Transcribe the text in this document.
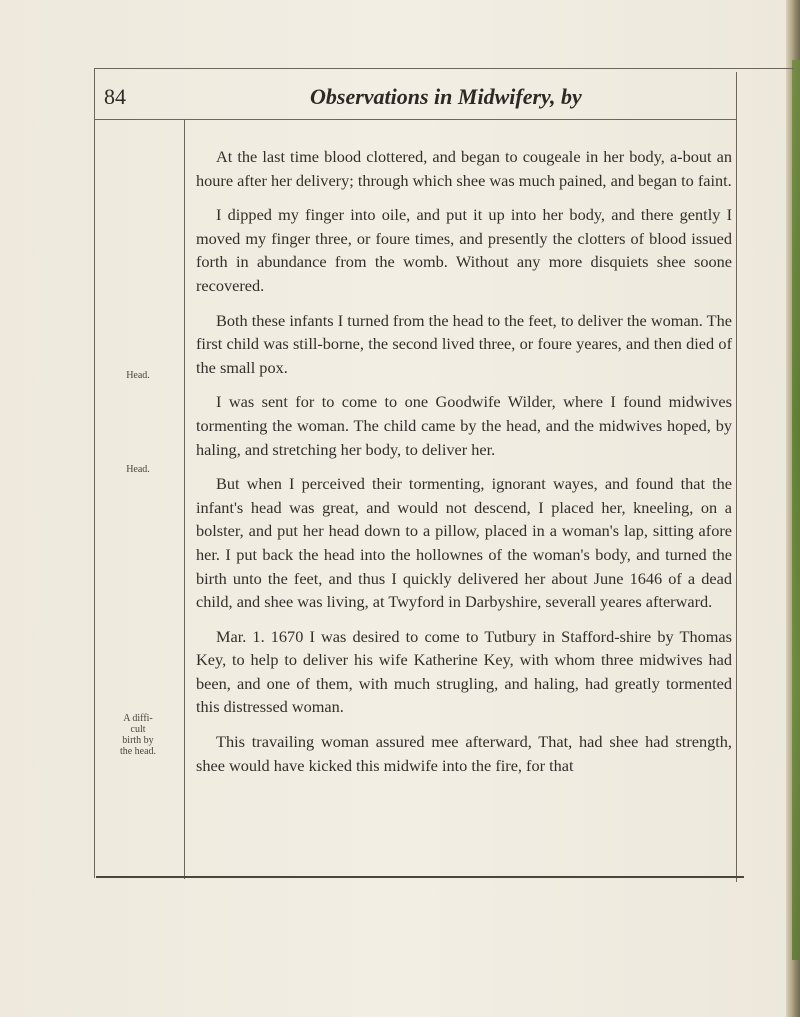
84	Observations in Midwifery, by
Head.
Head.
A diffi-
cult
birth by
the head.

At the last time blood clottered, and began to cougeale in her body, a-bout an houre after her delivery; through which shee was much pained, and began to faint.

I dipped my finger into oile, and put it up into her body, and there gently I moved my finger three, or foure times, and presently the clotters of blood issued forth in abundance from the womb. Without any more disquiets shee soone recovered.

Both these infants I turned from the head to the feet, to deliver the woman. The first child was still-borne, the second lived three, or foure yeares, and then died of the small pox.

I was sent for to come to one Goodwife Wilder, where I found midwives tormenting the woman. The child came by the head, and the midwives hoped, by haling, and stretching her body, to deliver her.

But when I perceived their tormenting, ignorant wayes, and found that the infant's head was great, and would not descend, I placed her, kneeling, on a bolster, and put her head down to a pillow, placed in a woman's lap, sitting afore her. I put back the head into the hollownes of the woman's body, and turned the birth unto the feet, and thus I quickly delivered her about June 1646 of a dead child, and shee was living, at Twyford in Darbyshire, severall yeares afterward.

Mar. 1. 1670 I was desired to come to Tutbury in Stafford-shire by Thomas Key, to help to deliver his wife Katherine Key, with whom three midwives had been, and one of them, with much strugling, and haling, had greatly tormented this distressed woman.

This travailing woman assured mee afterward, That, had shee had strength, shee would have kicked this midwife into the fire, for that
